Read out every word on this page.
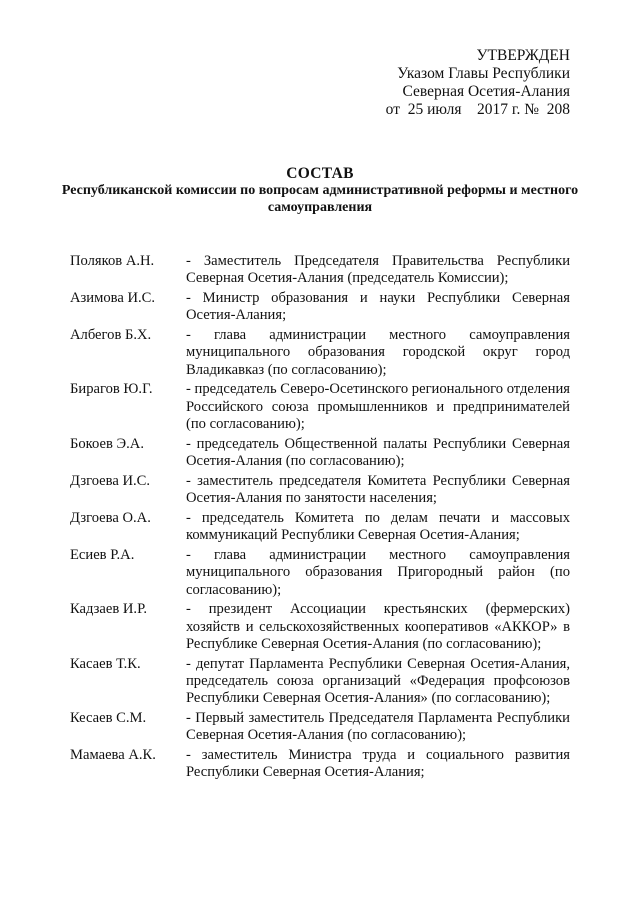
УТВЕРЖДЕН
Указом Главы Республики
Северная Осетия-Алания
от  25 июля    2017 г. №  208
СОСТАВ
Республиканской комиссии по вопросам административной реформы и местного самоуправления
Поляков А.Н.	- Заместитель Председателя Правительства Республики Северная Осетия-Алания (председатель Комиссии);
Азимова И.С.	- Министр образования и науки Республики Северная Осетия-Алания;
Албегов Б.Х.	- глава администрации местного самоуправления муниципального образования городской округ город Владикавказ (по согласованию);
Бирагов Ю.Г.	- председатель Северо-Осетинского регионального отделения Российского союза промышленников и предпринимателей (по согласованию);
Бокоев Э.А.	- председатель Общественной палаты Республики Северная Осетия-Алания (по согласованию);
Дзгоева И.С.	- заместитель председателя Комитета Республики Северная Осетия-Алания по занятости населения;
Дзгоева О.А.	- председатель Комитета по делам печати и массовых коммуникаций Республики Северная Осетия-Алания;
Есиев Р.А.	- глава администрации местного самоуправления муниципального образования Пригородный район (по согласованию);
Кадзаев И.Р.	- президент Ассоциации крестьянских (фермерских) хозяйств и сельскохозяйственных кооперативов «АККОР» в Республике Северная Осетия-Алания (по согласованию);
Касаев Т.К.	- депутат Парламента Республики Северная Осетия-Алания, председатель союза организаций «Федерация профсоюзов Республики Северная Осетия-Алания» (по согласованию);
Кесаев С.М.	- Первый заместитель Председателя Парламента Республики Северная Осетия-Алания (по согласованию);
Мамаева А.К.	- заместитель Министра труда и социального развития Республики Северная Осетия-Алания;
